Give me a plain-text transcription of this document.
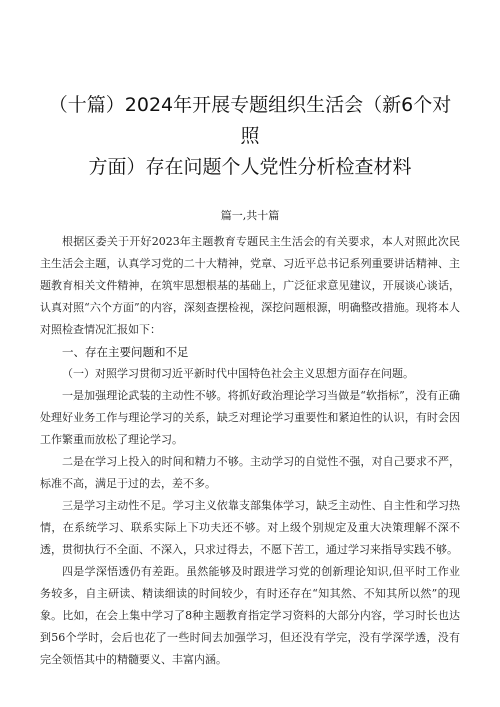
（十篇）2024年开展专题组织生活会（新6个对照
方面）存在问题个人党性分析检查材料

篇一,共十篇

根据区委关于开好2023年主题教育专题民主生活会的有关要求，本人对照此次民主生活会主题，认真学习党的二十大精神，党章、习近平总书记系列重要讲话精神、主题教育相关文件精神，在筑牢思想根基的基础上，广泛征求意见建议，开展谈心谈话，认真对照“六个方面”的内容，深刻查摆检视，深挖问题根源，明确整改措施。现将本人对照检查情况汇报如下：

一、存在主要问题和不足

（一）对照学习贯彻习近平新时代中国特色社会主义思想方面存在问题。

一是加强理论武装的主动性不够。将抓好政治理论学习当做是“软指标”，没有正确处理好业务工作与理论学习的关系，缺乏对理论学习重要性和紧迫性的认识，有时会因工作繁重而放松了理论学习。

二是在学习上投入的时间和精力不够。主动学习的自觉性不强，对自己要求不严，标准不高，满足于过的去，差不多。

三是学习主动性不足。学习主义依靠支部集体学习，缺乏主动性、自主性和学习热情，在系统学习、联系实际上下功夫还不够。对上级个别规定及重大决策理解不深不透，贯彻执行不全面、不深入，只求过得去，不愿下苦工，通过学习来指导实践不够。

四是学深悟透仍有差距。虽然能够及时跟进学习党的创新理论知识,但平时工作业务较多，自主研读、精读细读的时间较少，有时还存在“知其然、不知其所以然”的现象。比如，在会上集中学习了8种主题教育指定学习资料的大部分内容，学习时长也达到56个学时，会后也花了一些时间去加强学习，但还没有学完，没有学深学透，没有完全领悟其中的精髓要义、丰富内涵。
